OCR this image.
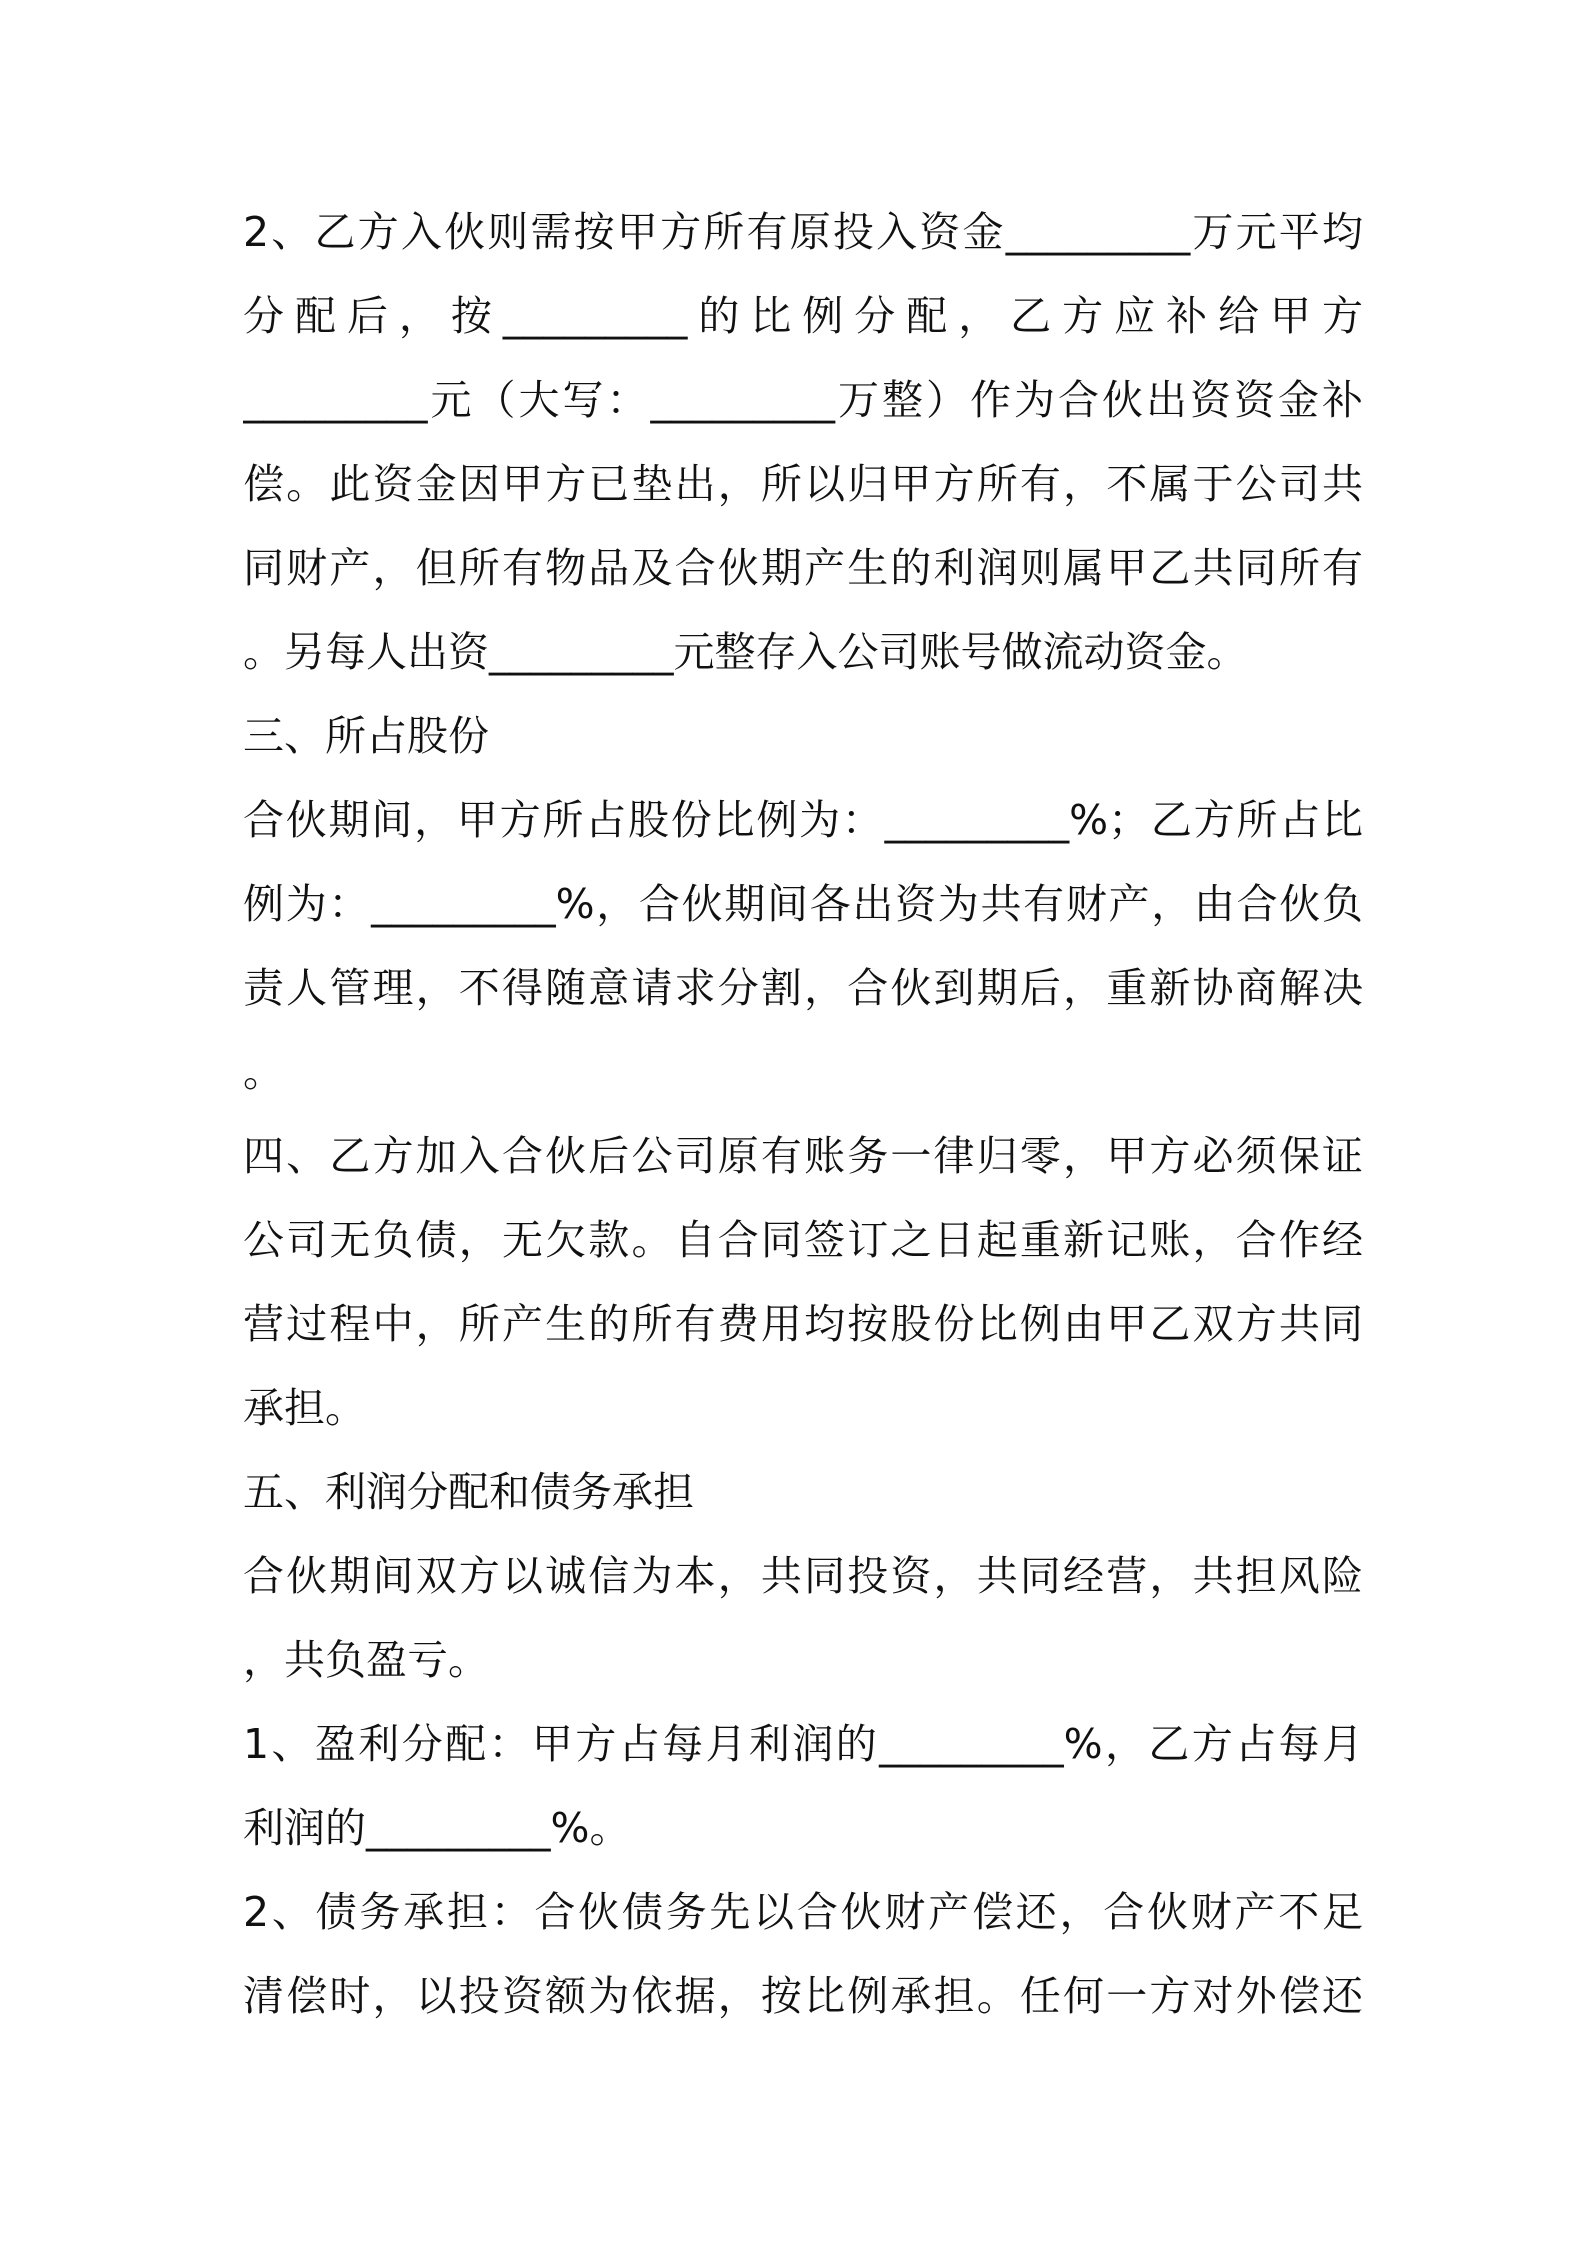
2、乙方入伙则需按甲方所有原投入资金_________万元平均
分配后，按_________的比例分配，乙方应补给甲方
_________元（大写：_________万整）作为合伙出资资金补
偿。此资金因甲方已垫出，所以归甲方所有，不属于公司共
同财产，但所有物品及合伙期产生的利润则属甲乙共同所有
。另每人出资_________元整存入公司账号做流动资金。
三、所占股份
合伙期间，甲方所占股份比例为：_________%；乙方所占比
例为：_________%，合伙期间各出资为共有财产，由合伙负
责人管理，不得随意请求分割，合伙到期后，重新协商解决
。
四、乙方加入合伙后公司原有账务一律归零，甲方必须保证
公司无负债，无欠款。自合同签订之日起重新记账，合作经
营过程中，所产生的所有费用均按股份比例由甲乙双方共同
承担。
五、利润分配和债务承担
合伙期间双方以诚信为本，共同投资，共同经营，共担风险
，共负盈亏。
1、盈利分配：甲方占每月利润的_________%，乙方占每月
利润的_________%。
2、债务承担：合伙债务先以合伙财产偿还，合伙财产不足
清偿时，以投资额为依据，按比例承担。任何一方对外偿还
